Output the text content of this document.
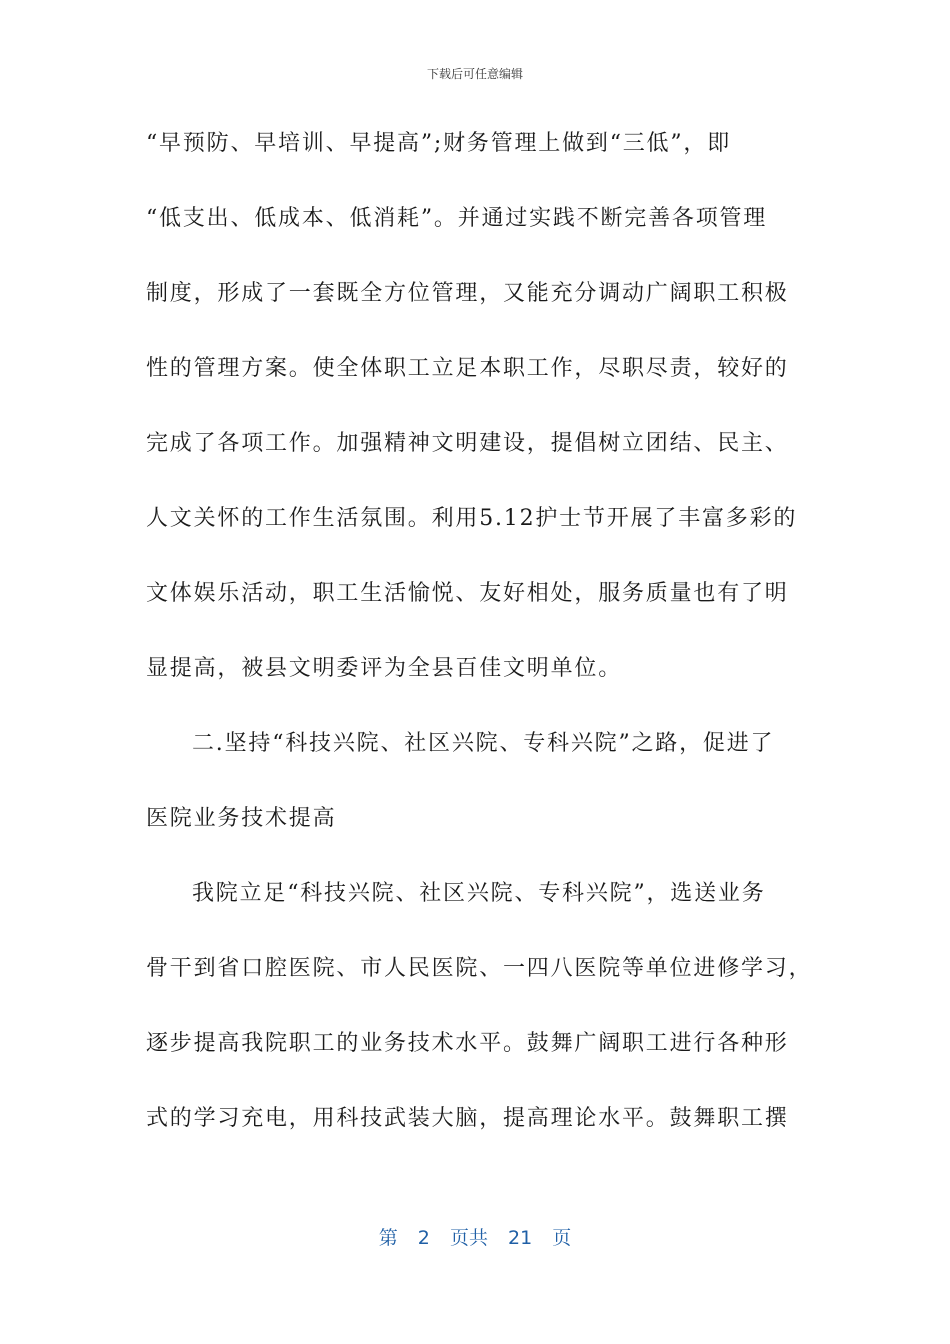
下载后可任意编辑
“早预防、早培训、早提高”;财务管理上做到“三低”，即
“低支出、低成本、低消耗”。并通过实践不断完善各项管理
制度，形成了一套既全方位管理，又能充分调动广阔职工积极
性的管理方案。使全体职工立足本职工作，尽职尽责，较好的
完成了各项工作。加强精神文明建设，提倡树立团结、民主、
人文关怀的工作生活氛围。利用5.12护士节开展了丰富多彩的
文体娱乐活动，职工生活愉悦、友好相处，服务质量也有了明
显提高，被县文明委评为全县百佳文明单位。
二.坚持“科技兴院、社区兴院、专科兴院”之路，促进了
医院业务技术提高
我院立足“科技兴院、社区兴院、专科兴院”，选送业务
骨干到省口腔医院、市人民医院、一四八医院等单位进修学习，
逐步提高我院职工的业务技术水平。鼓舞广阔职工进行各种形
式的学习充电，用科技武装大脑，提高理论水平。鼓舞职工撰
第 2 页共 21 页
